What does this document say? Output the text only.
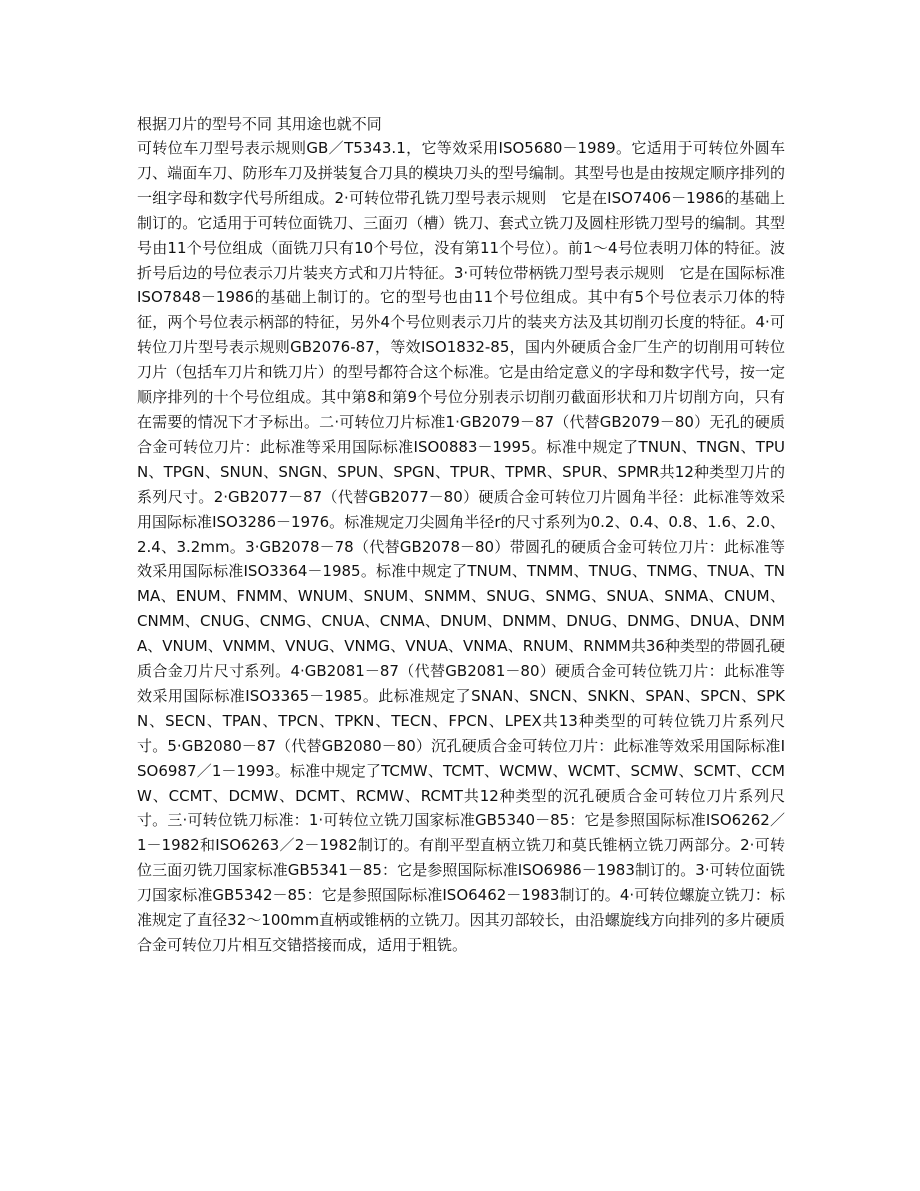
根据刀片的型号不同 其用途也就不同

可转位车刀型号表示规则GB／T5343.1，它等效采用ISO5680－1989。它适用于可转位外圆车刀、端面车刀、防形车刀及拼装复合刀具的模块刀头的型号编制。其型号也是由按规定顺序排列的一组字母和数字代号所组成。2·可转位带孔铣刀型号表示规则　它是在ISO7406－1986的基础上制订的。它适用于可转位面铣刀、三面刃（槽）铣刀、套式立铣刀及圆柱形铣刀型号的编制。其型号由11个号位组成（面铣刀只有10个号位，没有第11个号位）。前1～4号位表明刀体的特征。波折号后边的号位表示刀片装夹方式和刀片特征。3·可转位带柄铣刀型号表示规则　它是在国际标准ISO7848－1986的基础上制订的。它的型号也由11个号位组成。其中有5个号位表示刀体的特征，两个号位表示柄部的特征，另外4个号位则表示刀片的装夹方法及其切削刃长度的特征。4·可转位刀片型号表示规则GB2076-87，等效ISO1832-85，国内外硬质合金厂生产的切削用可转位刀片（包括车刀片和铣刀片）的型号都符合这个标准。它是由给定意义的字母和数字代号，按一定顺序排列的十个号位组成。其中第8和第9个号位分别表示切削刃截面形状和刀片切削方向，只有在需要的情况下才予标出。二·可转位刀片标准1·GB2079－87（代替GB2079－80）无孔的硬质合金可转位刀片：此标准等采用国际标准ISO0883－1995。标准中规定了TNUN、TNGN、TPUN、TPGN、SNUN、SNGN、SPUN、SPGN、TPUR、TPMR、SPUR、SPMR共12种类型刀片的系列尺寸。2·GB2077－87（代替GB2077－80）硬质合金可转位刀片圆角半径：此标准等效采用国际标准ISO3286－1976。标准规定刀尖圆角半径r的尺寸系列为0.2、0.4、0.8、1.6、2.0、2.4、3.2mm。3·GB2078－78（代替GB2078－80）带圆孔的硬质合金可转位刀片：此标准等效采用国际标准ISO3364－1985。标准中规定了TNUM、TNMM、TNUG、TNMG、TNUA、TNMA、ENUM、FNMM、WNUM、SNUM、SNMM、SNUG、SNMG、SNUA、SNMA、CNUM、CNMM、CNUG、CNMG、CNUA、CNMA、DNUM、DNMM、DNUG、DNMG、DNUA、DNMA、VNUM、VNMM、VNUG、VNMG、VNUA、VNMA、RNUM、RNMM共36种类型的带圆孔硬质合金刀片尺寸系列。4·GB2081－87（代替GB2081－80）硬质合金可转位铣刀片：此标准等效采用国际标准ISO3365－1985。此标准规定了SNAN、SNCN、SNKN、SPAN、SPCN、SPKN、SECN、TPAN、TPCN、TPKN、TECN、FPCN、LPEX共13种类型的可转位铣刀片系列尺寸。5·GB2080－87（代替GB2080－80）沉孔硬质合金可转位刀片：此标准等效采用国际标准ISO6987／1－1993。标准中规定了TCMW、TCMT、WCMW、WCMT、SCMW、SCMT、CCMW、CCMT、DCMW、DCMT、RCMW、RCMT共12种类型的沉孔硬质合金可转位刀片系列尺寸。三·可转位铣刀标准：1·可转位立铣刀国家标准GB5340－85：它是参照国际标准ISO6262／1－1982和ISO6263／2－1982制订的。有削平型直柄立铣刀和莫氏锥柄立铣刀两部分。2·可转位三面刃铣刀国家标准GB5341－85：它是参照国际标准ISO6986－1983制订的。3·可转位面铣刀国家标准GB5342－85：它是参照国际标准ISO6462－1983制订的。4·可转位螺旋立铣刀：标准规定了直径32～100mm直柄或锥柄的立铣刀。因其刃部较长，由沿螺旋线方向排列的多片硬质合金可转位刀片相互交错搭接而成，适用于粗铣。
